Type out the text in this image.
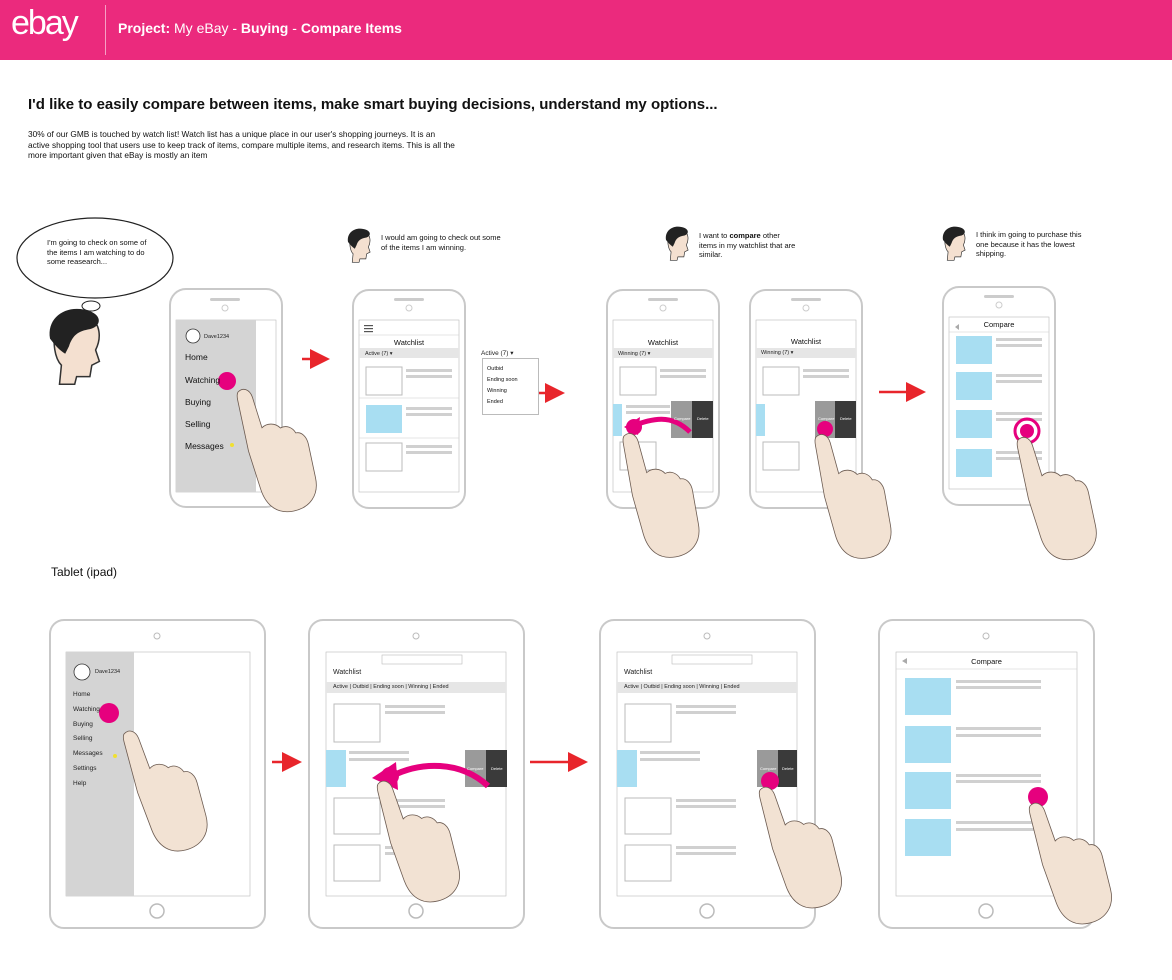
ebay	Project: My eBay - Buying - Compare Items
I'd like to easily compare between items, make smart buying decisions, understand my options...
30% of our GMB is touched by watch list! Watch list has a unique place in our user's shopping journeys. It is an active shopping tool that users use to keep track of items, compare multiple items, and research items. This is all the more important given that eBay is mostly an item
I'm going to check on some of the items I am watching to do some reasearch...
I would am going to check out some of the items I am winning.
I want to compare other items in my watchlist that are similar.
I think im going to purchase this one because it has the lowest shipping.
Dave1234
Home
Watching
Buying
Selling
Messages
Watchlist
Active (7) ▾
Watchlist
Winning (7) ▾
Watchlist
Winning (7) ▾
Compare Delete	Compare Delete
Compare
Active (7) ▾
Outbid
Ending soon
Winning
Ended
Tablet (ipad)
Dave1234
Home
Watching
Buying
Selling
Messages
Settings
Help
Watchlist
Active | Outbid | Ending soon | Winning | Ended
Compare Delete
Watchlist
Active | Outbid | Ending soon | Winning | Ended
Compare Delete
Compare
